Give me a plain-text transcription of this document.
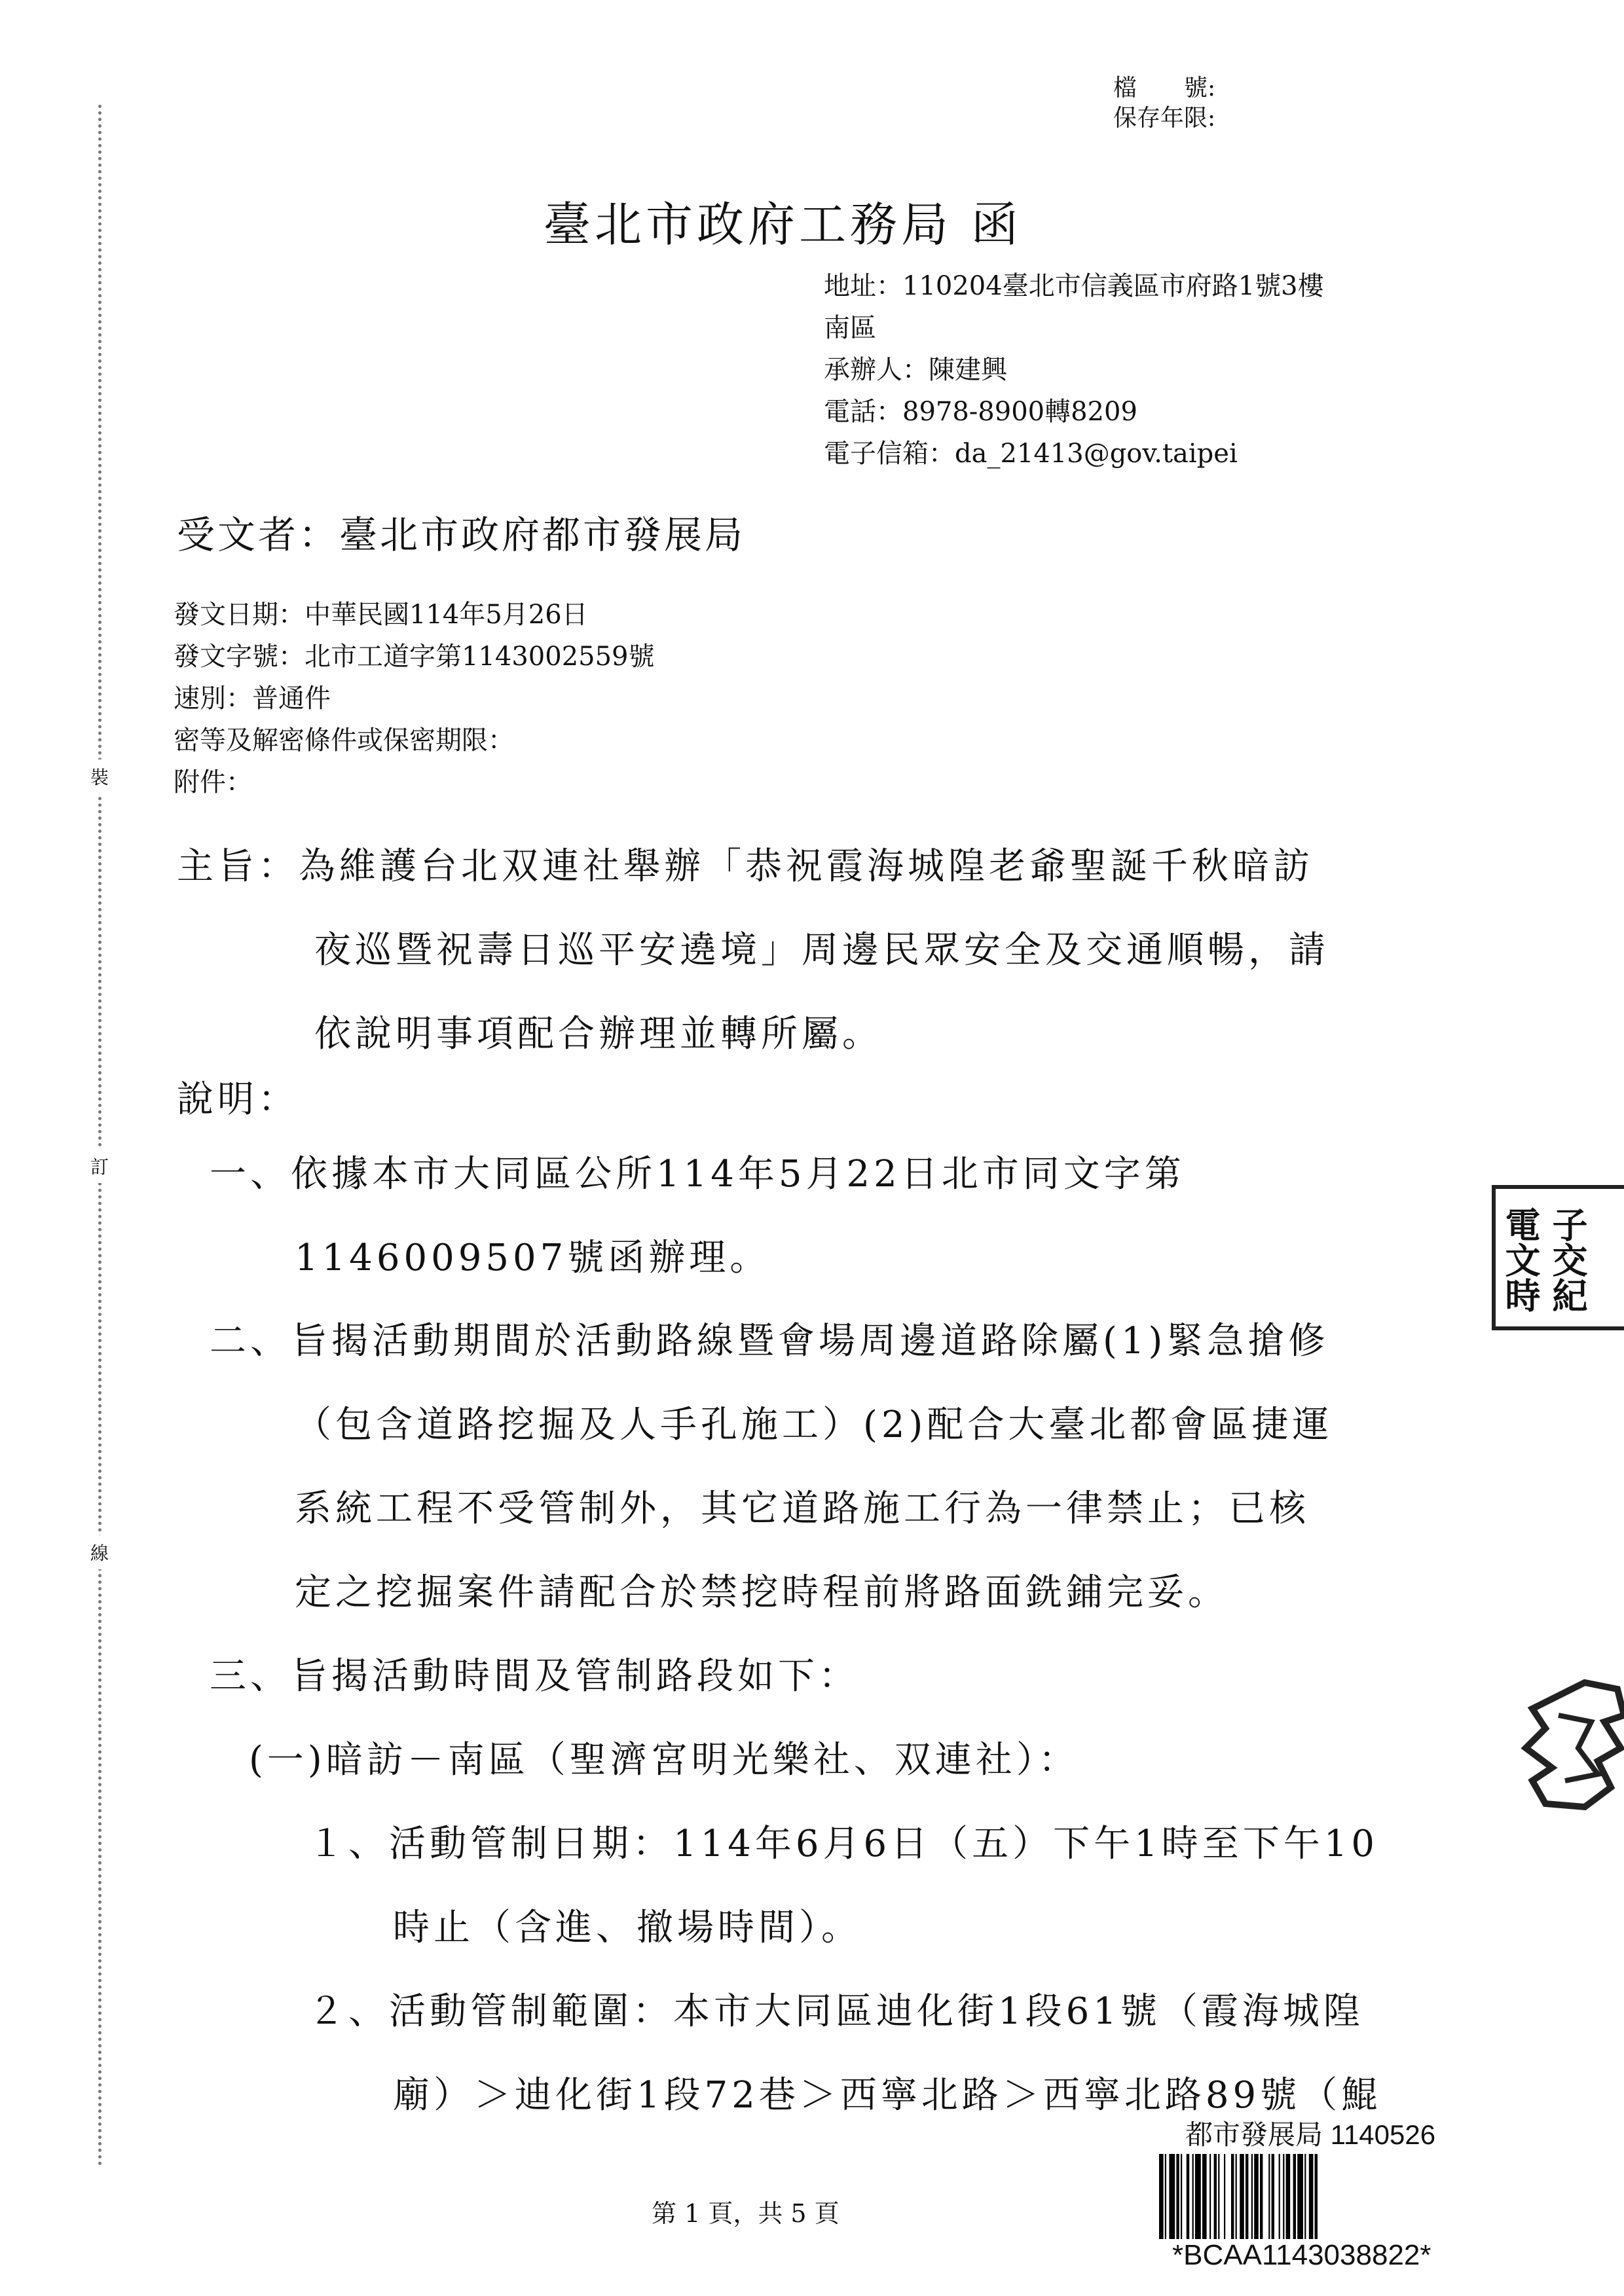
裝
訂
線
檔　　號:
保存年限:
臺北市政府工務局 函
地址：110204臺北市信義區市府路1號3樓
南區
承辦人：陳建興
電話：8978-8900轉8209
電子信箱：da_21413@gov.taipei
受文者：臺北市政府都市發展局
發文日期：中華民國114年5月26日
發文字號：北市工道字第1143002559號
速別：普通件
密等及解密條件或保密期限：
附件：
主旨：為維護台北双連社舉辦「恭祝霞海城隍老爺聖誕千秋暗訪
夜巡暨祝壽日巡平安遶境」周邊民眾安全及交通順暢，請
依說明事項配合辦理並轉所屬。
說明：
一、依據本市大同區公所114年5月22日北市同文字第
1146009507號函辦理。
二、旨揭活動期間於活動路線暨會場周邊道路除屬(1)緊急搶修
（包含道路挖掘及人手孔施工）(2)配合大臺北都會區捷運
系統工程不受管制外，其它道路施工行為一律禁止；已核
定之挖掘案件請配合於禁挖時程前將路面銑鋪完妥。
三、旨揭活動時間及管制路段如下：
(一)暗訪－南區（聖濟宮明光樂社、双連社）：
１、活動管制日期：114年6月6日（五）下午1時至下午10
時止（含進、撤場時間）。
２、活動管制範圍：本市大同區迪化街1段61號（霞海城隍
廟）＞迪化街1段72巷＞西寧北路＞西寧北路89號（鯤
電文時 子交紀
第 1 頁，共 5 頁
都市發展局 1140526
*BCAA1143038822*
